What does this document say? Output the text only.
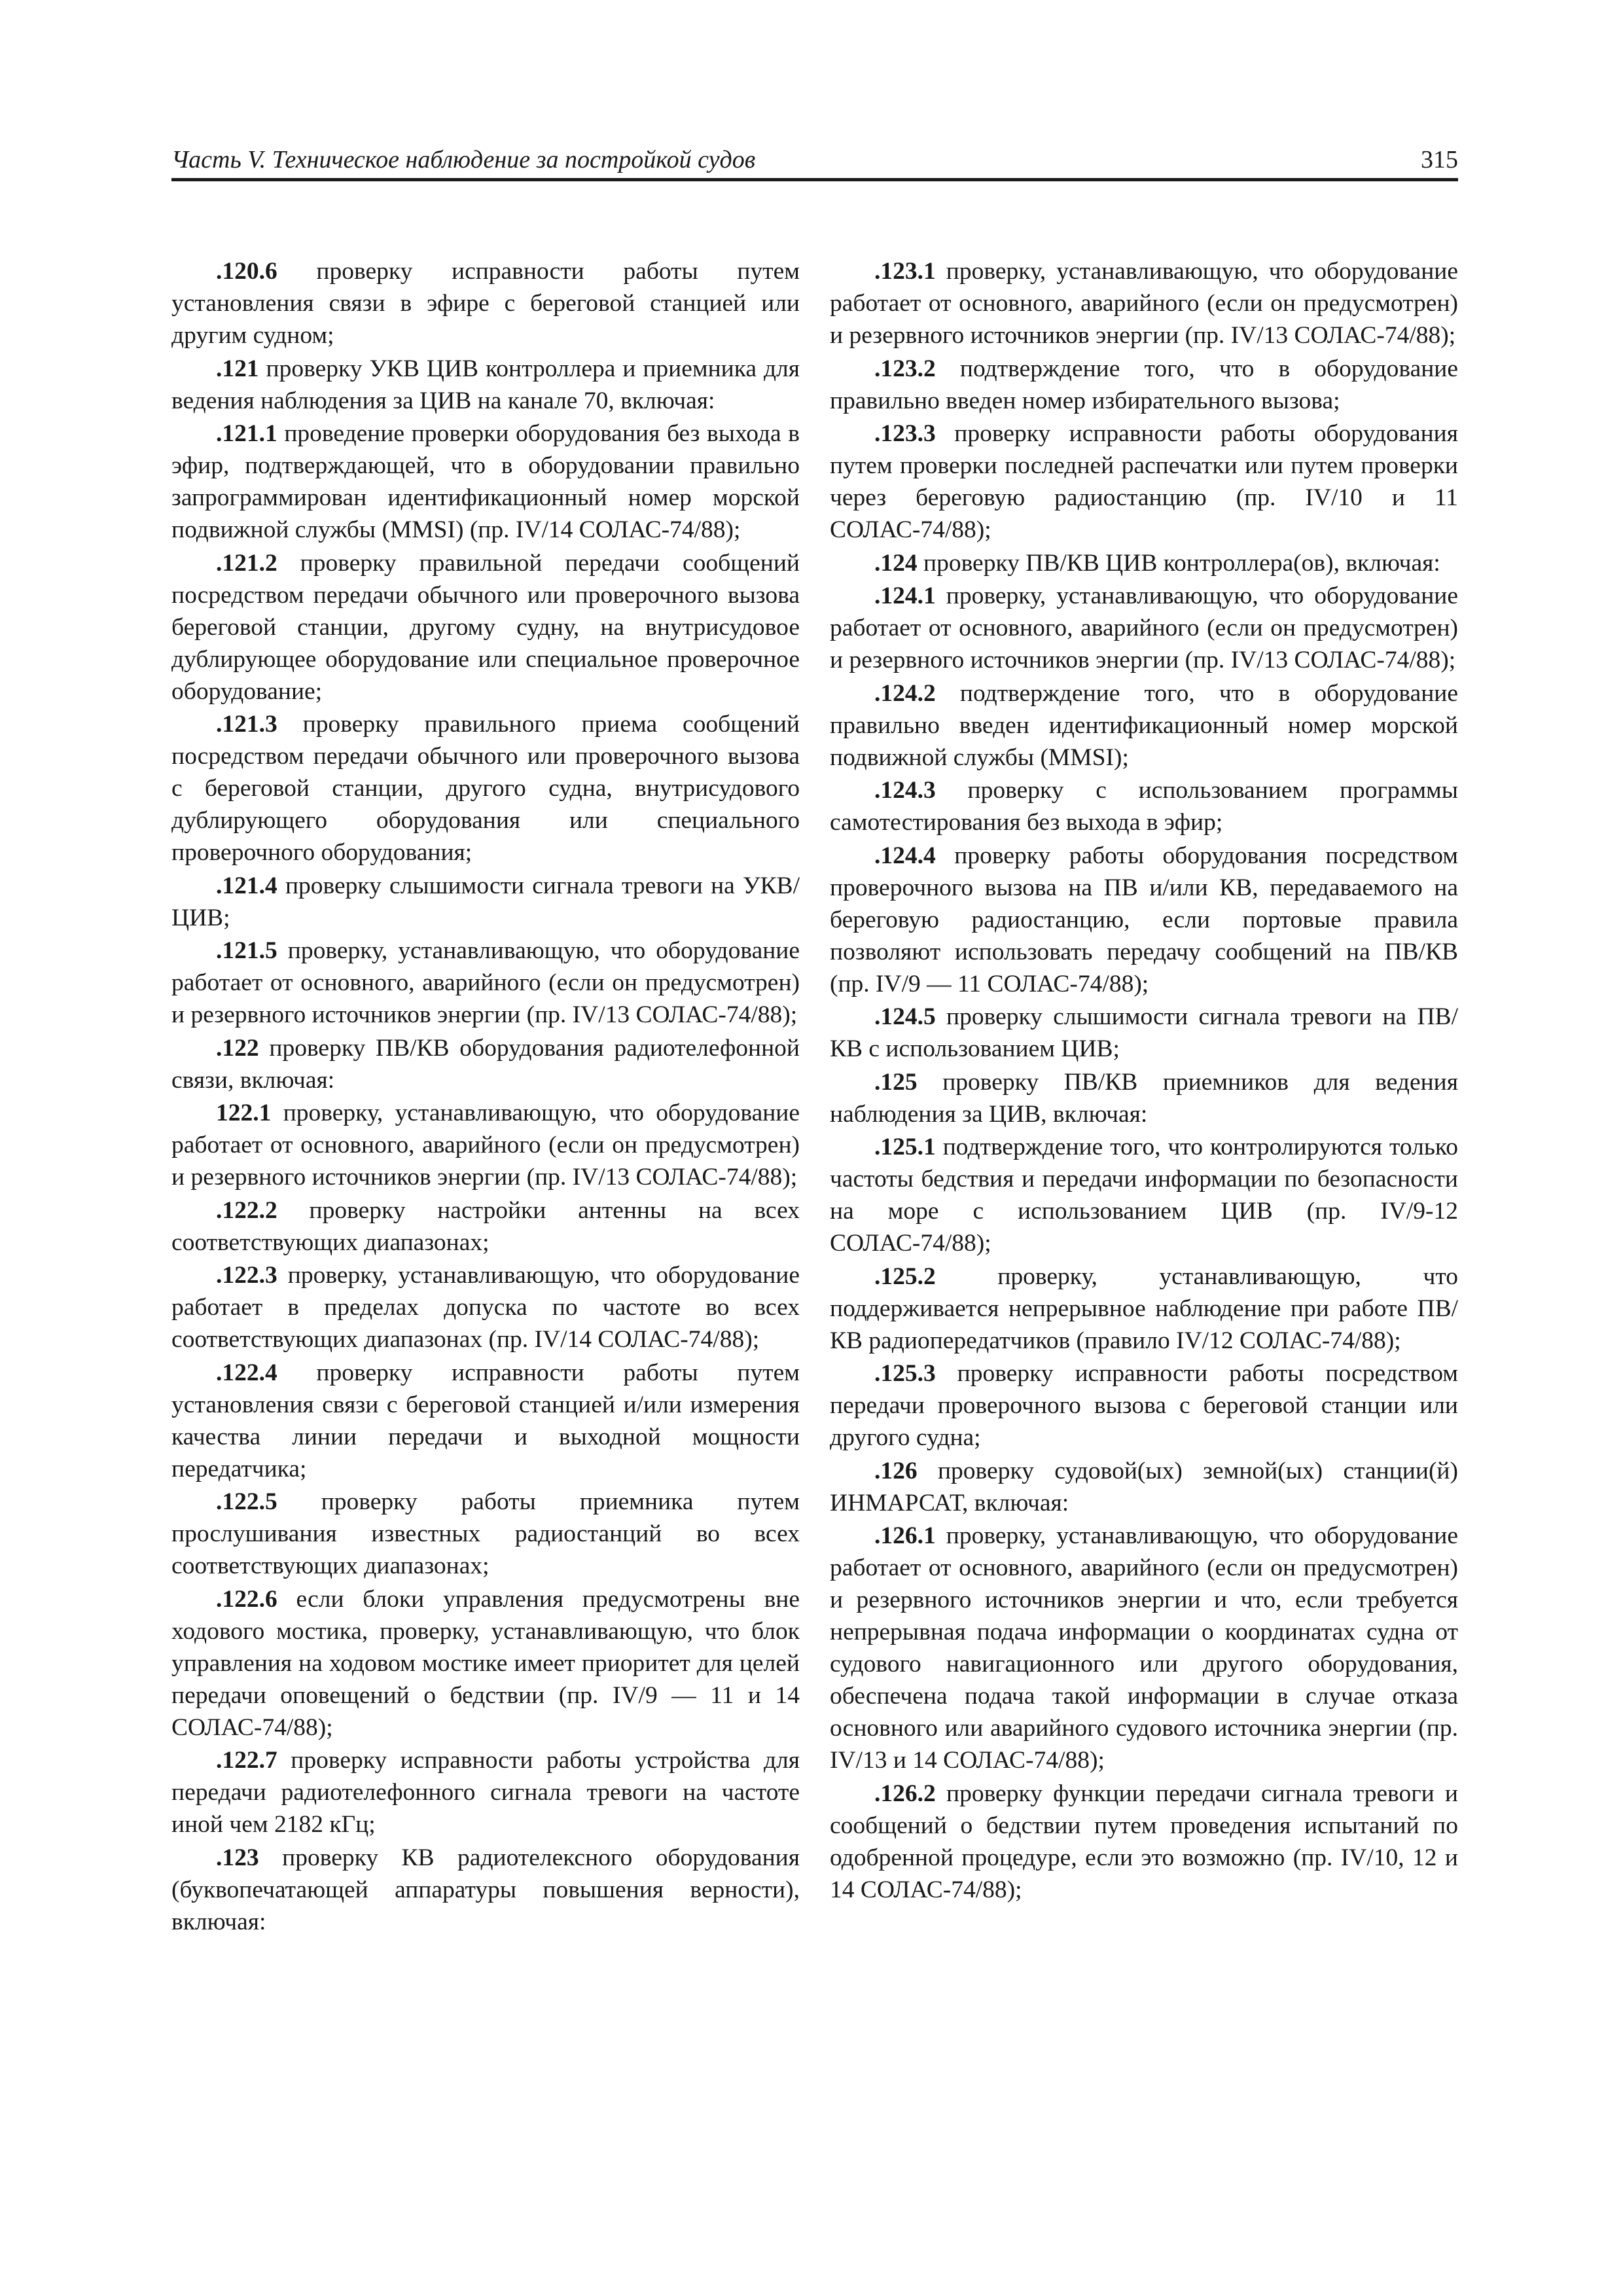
Часть V. Техническое наблюдение за постройкой судов	315

.120.6 проверку исправности работы путем установления связи в эфире с береговой станцией или другим судном;

.121 проверку УКВ ЦИВ контроллера и приемника для ведения наблюдения за ЦИВ на канале 70, включая:

.121.1 проведение проверки оборудования без выхода в эфир, подтверждающей, что в оборудовании правильно запрограммирован идентификационный номер морской подвижной службы (MMSI) (пр. IV/14 СОЛАС-74/88);

.121.2 проверку правильной передачи сообщений посредством передачи обычного или проверочного вызова береговой станции, другому судну, на внутрисудовое дублирующее оборудование или специальное проверочное оборудование;

.121.3 проверку правильного приема сообщений посредством передачи обычного или проверочного вызова с береговой станции, другого судна, внутрисудового дублирующего оборудования или специального проверочного оборудования;

.121.4 проверку слышимости сигнала тревоги на УКВ/ЦИВ;

.121.5 проверку, устанавливающую, что оборудование работает от основного, аварийного (если он предусмотрен) и резервного источников энергии (пр. IV/13 СОЛАС-74/88);

.122 проверку ПВ/КВ оборудования радиотелефонной связи, включая:

122.1 проверку, устанавливающую, что оборудование работает от основного, аварийного (если он предусмотрен) и резервного источников энергии (пр. IV/13 СОЛАС-74/88);

.122.2 проверку настройки антенны на всех соответствующих диапазонах;

.122.3 проверку, устанавливающую, что оборудование работает в пределах допуска по частоте во всех соответствующих диапазонах (пр. IV/14 СОЛАС-74/88);

.122.4 проверку исправности работы путем установления связи с береговой станцией и/или измерения качества линии передачи и выходной мощности передатчика;

.122.5 проверку работы приемника путем прослушивания известных радиостанций во всех соответствующих диапазонах;

.122.6 если блоки управления предусмотрены вне ходового мостика, проверку, устанавливающую, что блок управления на ходовом мостике имеет приоритет для целей передачи оповещений о бедствии (пр. IV/9 — 11 и 14 СОЛАС-74/88);

.122.7 проверку исправности работы устройства для передачи радиотелефонного сигнала тревоги на частоте иной чем 2182 кГц;

.123 проверку КВ радиотелексного оборудования (буквопечатающей аппаратуры повышения верности), включая:

.123.1 проверку, устанавливающую, что оборудование работает от основного, аварийного (если он предусмотрен) и резервного источников энергии (пр. IV/13 СОЛАС-74/88);

.123.2 подтверждение того, что в оборудование правильно введен номер избирательного вызова;

.123.3 проверку исправности работы оборудования путем проверки последней распечатки или путем проверки через береговую радиостанцию (пр. IV/10 и 11 СОЛАС-74/88);

.124 проверку ПВ/КВ ЦИВ контроллера(ов), включая:

.124.1 проверку, устанавливающую, что оборудование работает от основного, аварийного (если он предусмотрен) и резервного источников энергии (пр. IV/13 СОЛАС-74/88);

.124.2 подтверждение того, что в оборудование правильно введен идентификационный номер морской подвижной службы (MMSI);

.124.3 проверку с использованием программы самотестирования без выхода в эфир;

.124.4 проверку работы оборудования посредством проверочного вызова на ПВ и/или КВ, передаваемого на береговую радиостанцию, если портовые правила позволяют использовать передачу сообщений на ПВ/КВ (пр. IV/9 — 11 СОЛАС-74/88);

.124.5 проверку слышимости сигнала тревоги на ПВ/КВ с использованием ЦИВ;

.125 проверку ПВ/КВ приемников для ведения наблюдения за ЦИВ, включая:

.125.1 подтверждение того, что контролируются только частоты бедствия и передачи информации по безопасности на море с использованием ЦИВ (пр. IV/9-12 СОЛАС-74/88);

.125.2 проверку, устанавливающую, что поддерживается непрерывное наблюдение при работе ПВ/КВ радиопередатчиков (правило IV/12 СОЛАС-74/88);

.125.3 проверку исправности работы посредством передачи проверочного вызова с береговой станции или другого судна;

.126 проверку судовой(ых) земной(ых) станции(й) ИНМАРСАТ, включая:

.126.1 проверку, устанавливающую, что оборудование работает от основного, аварийного (если он предусмотрен) и резервного источников энергии и что, если требуется непрерывная подача информации о координатах судна от судового навигационного или другого оборудования, обеспечена подача такой информации в случае отказа основного или аварийного судового источника энергии (пр. IV/13 и 14 СОЛАС-74/88);

.126.2 проверку функции передачи сигнала тревоги и сообщений о бедствии путем проведения испытаний по одобренной процедуре, если это возможно (пр. IV/10, 12 и 14 СОЛАС-74/88);
